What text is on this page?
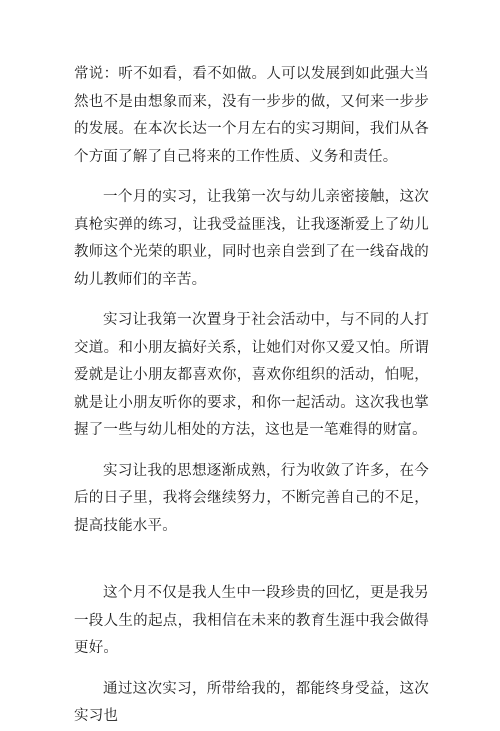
常说：听不如看，看不如做。人可以发展到如此强大当然也不是由想象而来，没有一步步的做，又何来一步步的发展。在本次长达一个月左右的实习期间，我们从各个方面了解了自己将来的工作性质、义务和责任。

一个月的实习，让我第一次与幼儿亲密接触，这次真枪实弹的练习，让我受益匪浅，让我逐渐爱上了幼儿教师这个光荣的职业，同时也亲自尝到了在一线奋战的幼儿教师们的辛苦。

实习让我第一次置身于社会活动中，与不同的人打交道。和小朋友搞好关系，让她们对你又爱又怕。所谓爱就是让小朋友都喜欢你，喜欢你组织的活动，怕呢，就是让小朋友听你的要求，和你一起活动。这次我也掌握了一些与幼儿相处的方法，这也是一笔难得的财富。

实习让我的思想逐渐成熟，行为收敛了许多，在今后的日子里，我将会继续努力，不断完善自己的不足，提高技能水平。

这个月不仅是我人生中一段珍贵的回忆，更是我另一段人生的起点，我相信在未来的教育生涯中我会做得更好。

通过这次实习，所带给我的，都能终身受益，这次实习也
